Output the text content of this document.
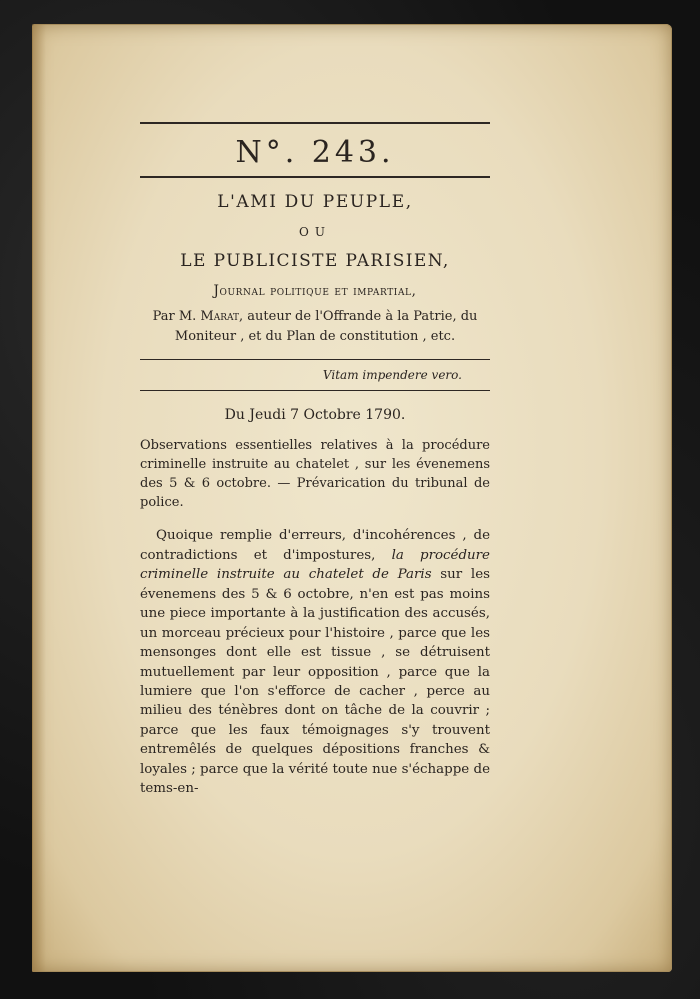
N°. 243.
L'AMI DU PEUPLE,
OU
LE PUBLICISTE PARISIEN,
Journal politique et impartial,
Par M. Marat, auteur de l'Offrande à la Patrie, du Moniteur , et du Plan de constitution , etc.
Vitam impendere vero.
Du Jeudi 7 Octobre 1790.
Observations essentielles relatives à la procédure criminelle instruite au chatelet , sur les évenemens des 5 & 6 octobre. — Prévarication du tribunal de police.

Quoique remplie d'erreurs, d'incohérences , de contradictions et d'impostures, la procédure criminelle instruite au chatelet de Paris sur les évenemens des 5 & 6 octobre, n'en est pas moins une piece importante à la justification des accusés, un morceau précieux pour l'histoire , parce que les mensonges dont elle est tissue , se détruisent mutuellement par leur opposition , parce que la lumiere que l'on s'efforce de cacher , perce au milieu des ténèbres dont on tâche de la couvrir ; parce que les faux témoignages s'y trouvent entremêlés de quelques dépositions franches & loyales ; parce que la vérité toute nue s'échappe de tems-en-
